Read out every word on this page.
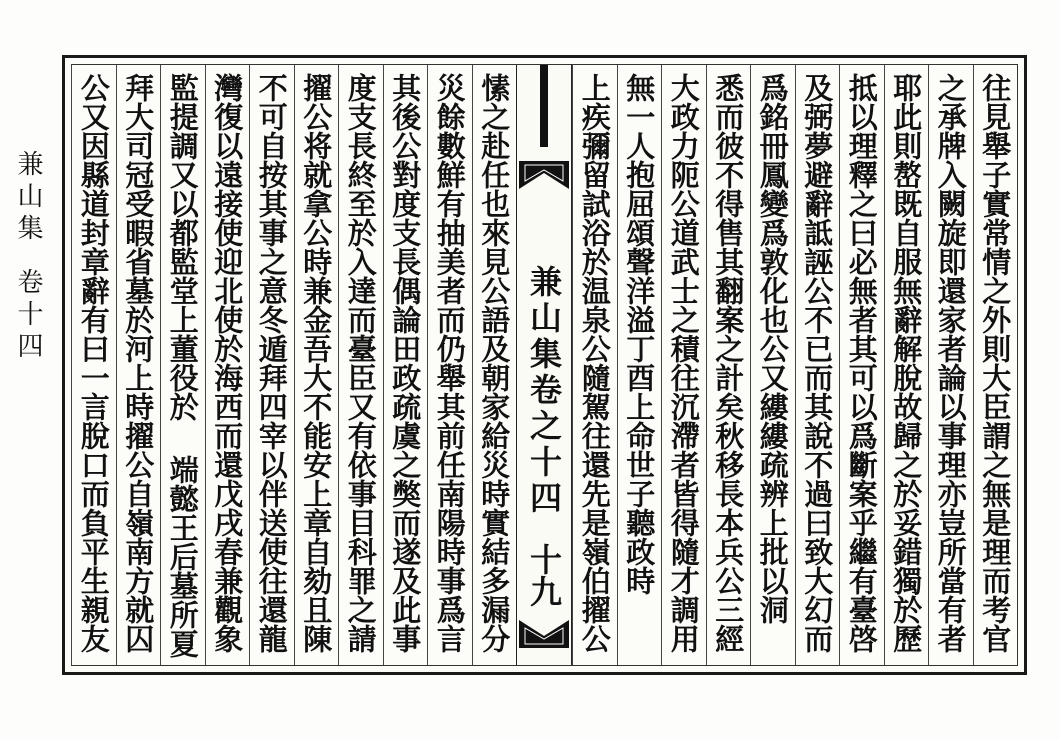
兼山集
卷十四	兼山集卷之十四
十九	往見舉子實常情之外則大臣謂之無是理而考官
之承牌入闕旋即還家者論以事理亦豈所當有者
耶此則嶅既自服無辭解脫故歸之於妥錯獨於歷
抵以理釋之曰必無者其可以爲斷案乎繼有臺啓
及弼夢避辭詆誣公不已而其說不過曰致大幻而
爲銘冊鳳變爲敦化也公又縷縷疏辨上批以洞
悉而彼不得售其翻案之計矣秋移長本兵公三經
大政力阨公道武士之積往沉滯者皆得隨才調用
無一人抱屈頌聲洋溢丁酉上命世子聽政時
上疾彌留試浴於温泉公隨駕往還先是嶺伯擢公
愫之赴任也來見公語及朝家給災時實結多漏分
災餘數鮮有抽美者而仍舉其前任南陽時事爲言
其後公對度支長偶論田政疏虞之獘而遂及此事
度支長終至於入達而臺臣又有依事目科罪之請
擢公将就拿公時兼金吾大不能安上章自劾且陳
不可自按其事之意冬遁拜四宰以伴送使往還龍
灣復以遠接使迎北使於海西而還戊戌春兼觀象
監提調又以都監堂上董役於 端懿王后墓所夏
拜大司冠受暇省墓於河上時擢公自嶺南方就囚
公又因縣道封章辭有曰一言脫口而負平生親友
